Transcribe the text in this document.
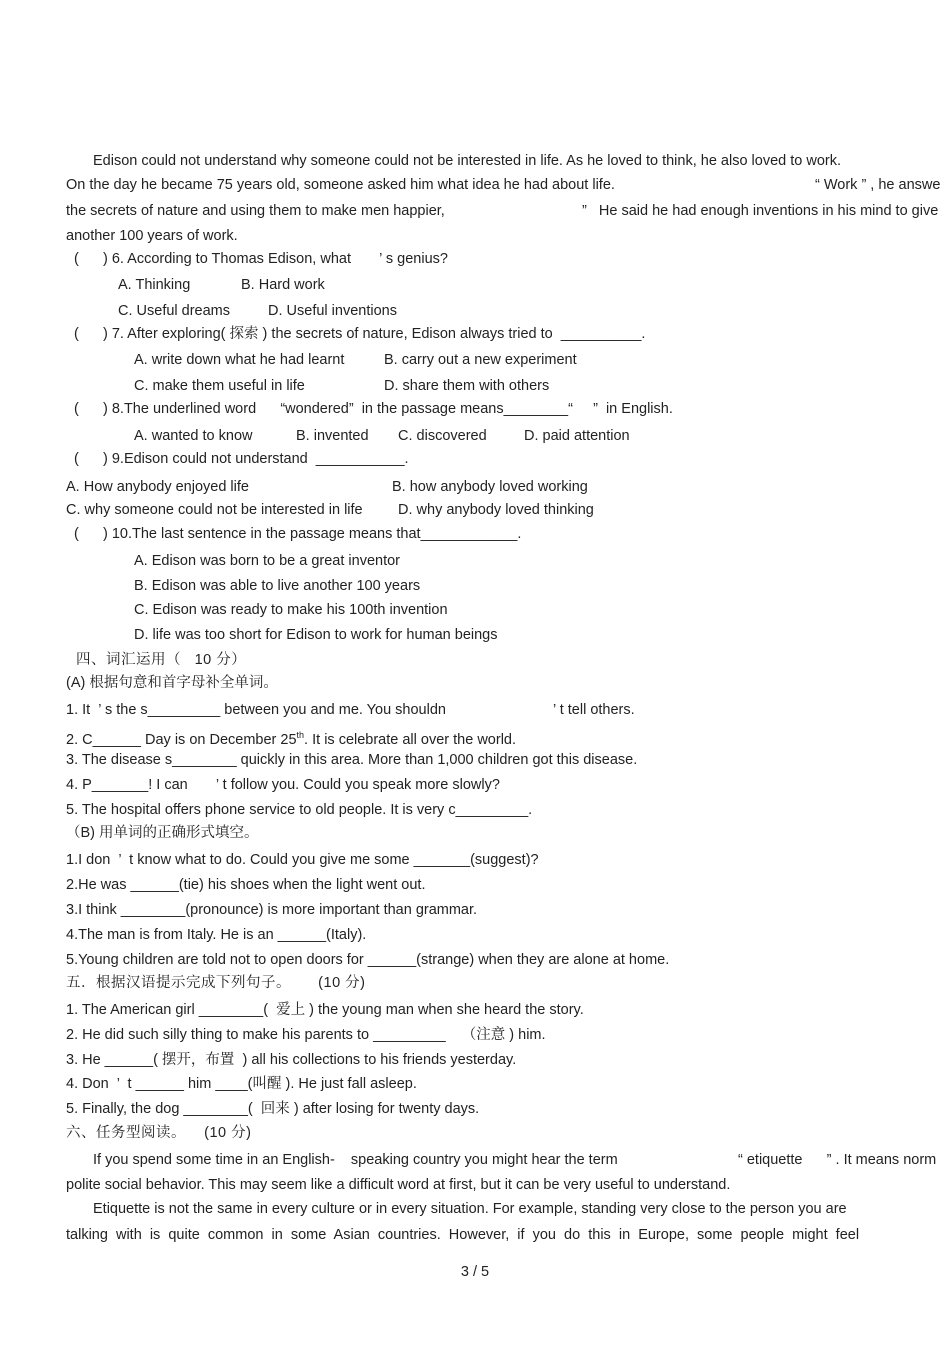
Edison could not understand why someone could not be interested in life. As he loved to think, he also loved to work.
On the day he became 75 years old, someone asked him what idea he had about life.	“ Work ” , he answe
the secrets of nature and using them to make men happier,	”   He said he had enough inventions in his mind to give
another 100 years of work.
(      ) 6. According to Thomas Edison, what       ’ s genius?
A. Thinking	B. Hard work
C. Useful dreams	D. Useful inventions
(      ) 7. After exploring( 探索 ) the secrets of nature, Edison always tried to  __________.
A. write down what he had learnt	B. carry out a new experiment
C. make them useful in life	D. share them with others
(      ) 8.The underlined word      “wondered”  in the passage means________“     ”  in English.
A. wanted to know	B. invented C. discovered	D. paid attention
(      ) 9.Edison could not understand  ___________.
A. How anybody enjoyed life	B. how anybody loved working
C. why someone could not be interested in life D. why anybody loved thinking
(      ) 10.The last sentence in the passage means that____________.
A. Edison was born to be a great inventor
B. Edison was able to live another 100 years
C. Edison was ready to make his 100th invention
D. life was too short for Edison to work for human beings
四、词汇运用（   10 分）
(A) 根据句意和首字母补全单词。
1. It  ’ s the s_________ between you and me. You shouldn	’ t tell others.
2. C______ Day is on December 25th. It is celebrate all over the world.
3. The disease s________ quickly in this area. More than 1,000 children got this disease.
4. P_______! I can       ’ t follow you. Could you speak more slowly?
5. The hospital offers phone service to old people. It is very c_________.
（B) 用单词的正确形式填空。
1.I don  ’  t know what to do. Could you give me some _______(suggest)?
2.He was ______(tie) his shoes when the light went out.
3.I think ________(pronounce) is more important than grammar.
4.The man is from Italy. He is an ______(Italy).
5.Young children are told not to open doors for ______(strange) when they are alone at home.
五．根据汉语提示完成下列句子。      (10 分)
1. The American girl ________(  爱上 ) the young man when she heard the story.
2. He did such silly thing to make his parents to _________    （注意 ) him.
3. He ______( 摆开，布置  ) all his collections to his friends yesterday.
4. Don  ’  t ______ him ____(叫醒 ). He just fall asleep.
5. Finally, the dog ________(  回来 ) after losing for twenty days.
六、任务型阅读。    (10 分)
If you spend some time in an English-    speaking country you might hear the term	“ etiquette      ” . It means norm
polite social behavior. This may seem like a difficult word at first, but it can be very useful to understand.
Etiquette is not the same in every culture or in every situation. For example, standing very close to the person you are
talking  with  is  quite  common  in  some  Asian  countries.  However,  if  you  do  this  in  Europe,  some  people  might  feel
3 / 5
